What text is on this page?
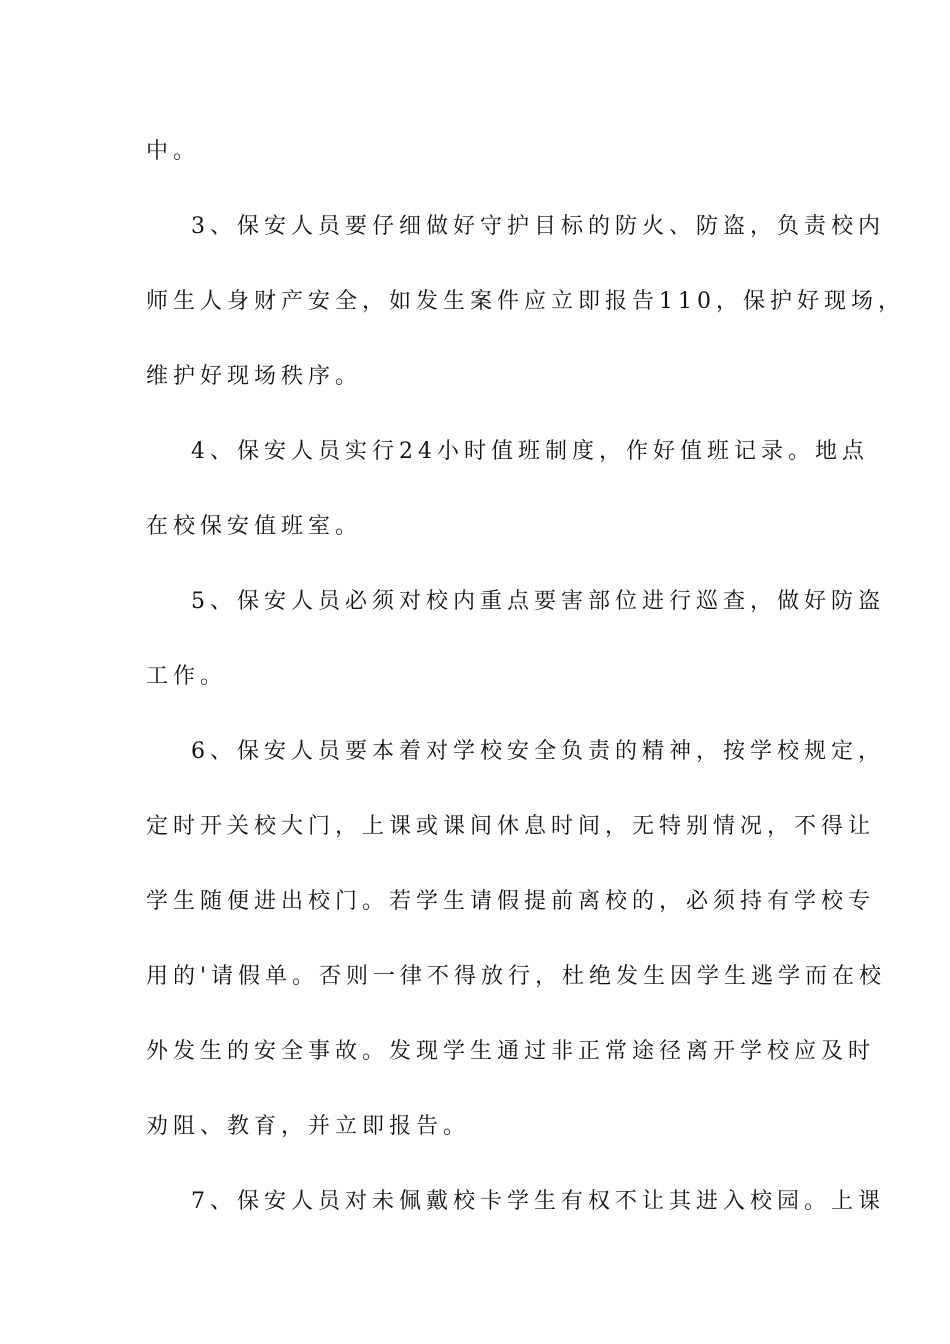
中。

3、保安人员要仔细做好守护目标的防火、防盗，负责校内

师生人身财产安全，如发生案件应立即报告110，保护好现场，

维护好现场秩序。

4、保安人员实行24小时值班制度，作好值班记录。地点

在校保安值班室。

5、保安人员必须对校内重点要害部位进行巡查，做好防盗

工作。

6、保安人员要本着对学校安全负责的精神，按学校规定，

定时开关校大门，上课或课间休息时间，无特别情况，不得让

学生随便进出校门。若学生请假提前离校的，必须持有学校专

用的'请假单。否则一律不得放行，杜绝发生因学生逃学而在校

外发生的安全事故。发现学生通过非正常途径离开学校应及时

劝阻、教育，并立即报告。

7、保安人员对未佩戴校卡学生有权不让其进入校园。上课
